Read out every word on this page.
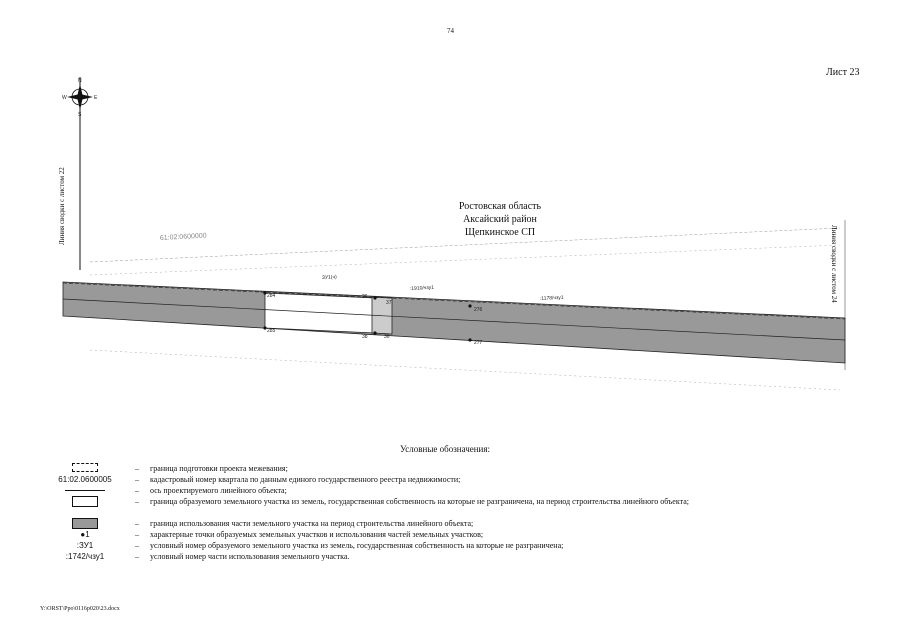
74
Лист 23
N
S
E
W
284
285
26
37
38
276
277
36
61:02:0600000
ЗУ1(ч)
:1910/чзу1
:1178/чзу1
Ростовская область
Аксайский район
Щепкинское СП
Линия сводки с листом 22
Линия сводки с листом 24
Условные обозначения:
– граница подготовки проекта межевания;
61:02.0600005	– кадастровый номер квартала по данным единого государственного реестра недвижимости;
– ось проектируемого линейного объекта;
– граница образуемого земельного участка из земель, государственная собственность на которые не разграничена, на период строительства линейного объекта;
– граница использования части земельного участка на период строительства линейного объекта;
●1	– характерные точки образуемых земельных участков и использования частей земельных участков;
:ЗУ1	– условный номер образуемого земельного участка из земель, государственная собственность на которые не разграничена;
:1742/чзу1	– условный номер части использования земельного участка.
Y:\ORST\Ppo\0116p020\23.docx
